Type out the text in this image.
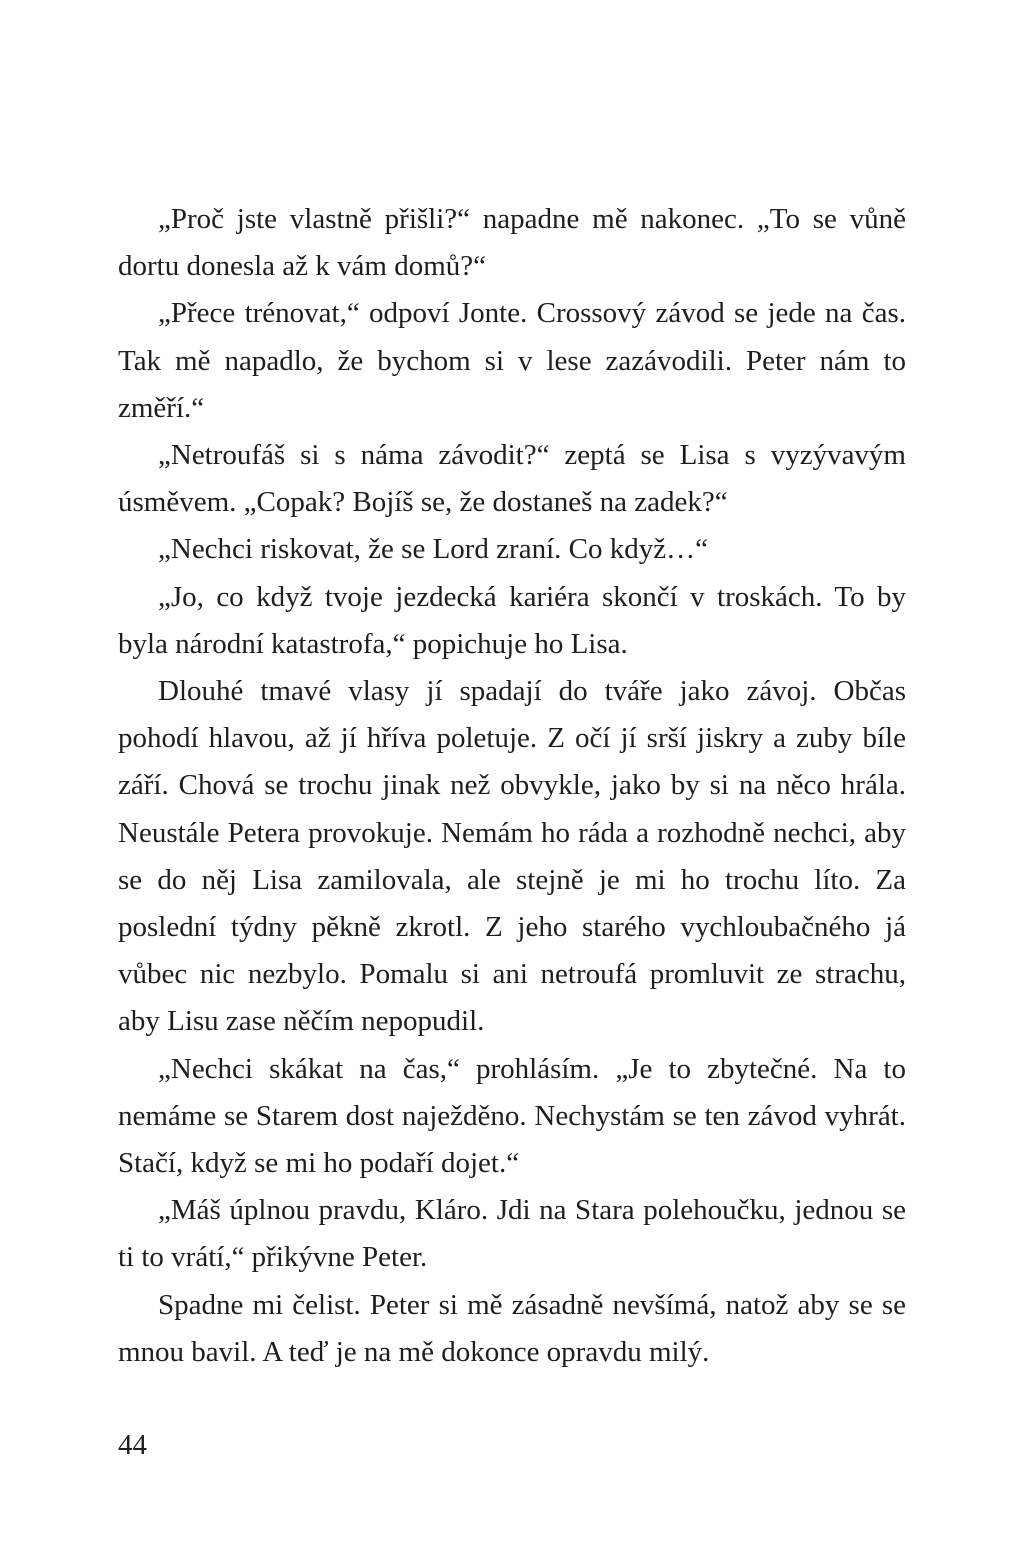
„Proč jste vlastně přišli?“ napadne mě nakonec. „To se vůně dortu donesla až k vám domů?“

„Přece trénovat,“ odpoví Jonte. Crossový závod se jede na čas. Tak mě napadlo, že bychom si v lese zazávodili. Peter nám to změří.“

„Netroufáš si s náma závodit?“ zeptá se Lisa s vyzývavým úsměvem. „Copak? Bojíš se, že dostaneš na zadek?“

„Nechci riskovat, že se Lord zraní. Co když…“

„Jo, co když tvoje jezdecká kariéra skončí v troskách. To by byla národní katastrofa,“ popichuje ho Lisa.

Dlouhé tmavé vlasy jí spadají do tváře jako závoj. Občas pohodí hlavou, až jí hříva poletuje. Z očí jí srší jiskry a zuby bíle září. Chová se trochu jinak než obvykle, jako by si na něco hrála. Neustále Petera provokuje. Nemám ho ráda a rozhodně nechci, aby se do něj Lisa zamilovala, ale stejně je mi ho trochu líto. Za poslední týdny pěkně zkrotl. Z jeho starého vychloubačného já vůbec nic nezbylo. Pomalu si ani netroufá promluvit ze strachu, aby Lisu zase něčím nepopudil.

„Nechci skákat na čas,“ prohlásím. „Je to zbytečné. Na to nemáme se Starem dost naježděno. Nechystám se ten závod vyhrát. Stačí, když se mi ho podaří dojet.“

„Máš úplnou pravdu, Kláro. Jdi na Stara polehoučku, jednou se ti to vrátí,“ přikývne Peter.

Spadne mi čelist. Peter si mě zásadně nevšímá, natož aby se se mnou bavil. A teď je na mě dokonce opravdu milý.

44
